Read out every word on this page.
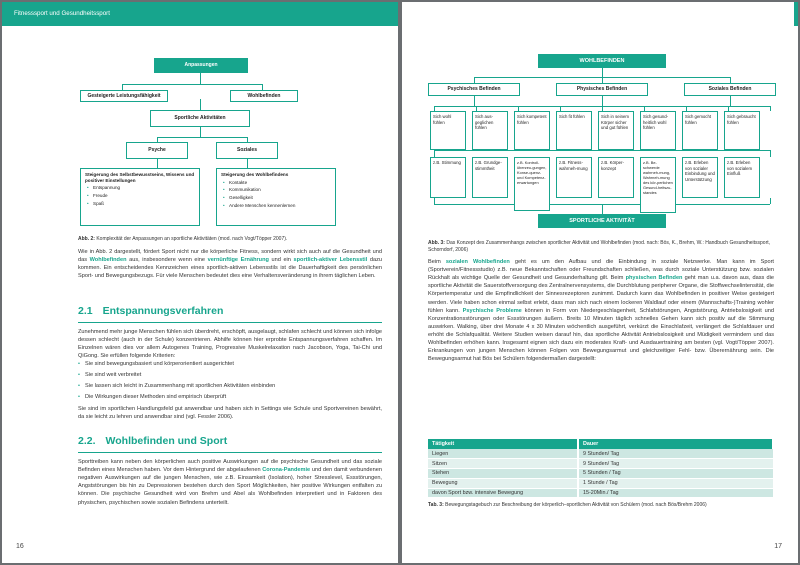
Fitnesssport und Gesundheitssport
Anpassungen
Gesteigerte Leistungsfähigkeit	Wohlbefinden
Sportliche Aktivitäten
Psyche	Soziales
Steigerung des Selbstbewusstseins, Wissens und positiver Einstellungen
• Entspannung
• Freude
• Spaß
Steigerung des Wohlbefindens
• Kontakte
• Kommunikation
• Geselligkeit
• Andere Menschen kennenlernen
Abb. 2: Komplexität der Anpassungen an sportliche Aktivitäten (mod. nach Vogt/Töpper 2007).
Wie in Abb. 2 dargestellt, fördert Sport nicht nur die körperliche Fitness, sondern wirkt sich auch auf die Gesundheit und das Wohlbefinden aus, insbesondere wenn eine vernünftige Ernährung und ein sportlich-aktiver Lebensstil dazu kommen. Ein entscheidendes Kennzeichen eines sportlich-aktiven Lebensstils ist die Dauerhaftigkeit des persönlichen Sport- und Bewegungsbezugs. Für viele Menschen bedeutet dies eine Verhaltensveränderung in ihrem täglichen Leben.
2.1 Entspannungsverfahren
Zunehmend mehr junge Menschen fühlen sich überdreht, erschöpft, ausgelaugt, schlafen schlecht und können sich infolge dessen schlecht (auch in der Schule) konzentrieren. Abhilfe können hier erprobte Entspannungsverfahren schaffen. Im Einzelnen wären dies vor allem Autogenes Training, Progressive Muskelrelaxation nach Jacobson, Yoga, Tai-Chi und QiGong. Sie erfüllen folgende Kriterien:
• Sie sind bewegungsbasiert und körperorientiert ausgerichtet
• Sie sind weit verbreitet
• Sie lassen sich leicht in Zusammenhang mit sportlichen Aktivitäten einbinden
• Die Wirkungen dieser Methoden sind empirisch überprüft
Sie sind im sportlichen Handlungsfeld gut anwendbar und haben sich in Settings wie Schule und Sportvereinen bewährt, da sie leicht zu lehren und anwendbar sind (vgl. Fessler 2006).
2.2. Wohlbefinden und Sport
Sporttreiben kann neben den körperlichen auch positive Auswirkungen auf die psychische Gesundheit und das soziale Befinden eines Menschen haben. Vor dem Hintergrund der abgelaufenen Corona-Pandemie und den damit verbundenen negativen Auswirkungen auf die jungen Menschen, wie z.B. Einsamkeit (Isolation), hoher Stresslevel, Essstörungen, Angststörungen bis hin zu Depressionen bestehen durch den Sport Möglichkeiten, hier positive Wirkungen entfalten zu können. Die psychische Gesundheit wird von Brehm und Abel als Wohlbefinden interpretiert und in Faktoren des physischen, psychischen sowie sozialen Befindens unterteilt.
16
WOHLBEFINDEN
Psychisches Befinden	Physisches Befinden	Soziales Befinden
Sich wohl fühlen
Sich aus-geglichen fühlen
Sich kompetent fühlen
Sich fit fühlen	Sich in seinem Körper sicher und gut fühlen
Sich gesund-heitlich wohl fühlen
Sich gemocht fühlen
Sich gebraucht fühlen
z.B. Stimmung	z.B. Grundge-stimmtheit
z.B. Kontroll-überzeu-gungen, Konse-quenz- und Kompetenz-erwartungen
z.B. Fitness-wahrneh-mung
z.B. Körper-konzept
z.B. Be-schwerde wahrneh-mung, Wahrneh-mung des kör-perlichen Gesund-heitszu-standes
z.B. Erleben von sozialer Einbindung und Unterstützung
z.B. Erleben von sozialem Einfluß
SPORTLICHE AKTIVITÄT
Abb. 3: Das Konzept des Zusammenhangs zwischen sportlicher Aktivität und Wohlbefinden (mod. nach: Bös, K., Brehm, W.: Handbuch Gesundheitssport, Schorndorf, 2006)
Beim sozialen Wohlbefinden geht es um den Aufbau und die Einbindung in soziale Netzwerke. Man kann im Sport (Sportverein/Fitnessstudio) z.B. neue Bekanntschaften oder Freundschaften schließen, was durch soziale Unterstützung bzw. sozialen Rückhalt als wichtige Quelle der Gesundheit und Gesunderhaltung gilt. Beim physischen Befinden geht man u.a. davon aus, dass die sportliche Aktivität die Sauerstoffversorgung des Zentralnervensystems, die Durchblutung peripherer Organe, die Stoffwechselintensität, die Körpertemperatur und die Empfindlichkeit der Sinnesrezeptoren zunimmt. Dadurch kann das Wohlbefinden in positiver Weise gesteigert werden. Viele haben schon einmal selbst erlebt, dass man sich nach einem lockeren Waldlauf oder einem (Mannschafts-)Training wohler fühlen kann. Psychische Probleme können in Form von Niedergeschlagenheit, Schlafstörungen, Angststörung, Antriebslosigkeit und Konzentrationsstörungen oder Essstörungen äußern. Breits 10 Minuten täglich schnelles Gehen kann sich positiv auf die Stimmung auswirken. Walking, über drei Monate 4 x 30 Minuten wöchentlich ausgeführt, verkürzt die Einschlafzeit, verlängert die Schlafdauer und erhöht die Schlafqualität. Weitere Studien weisen darauf hin, das sportliche Aktivität Antriebslosigkeit und Müdigkeit vermindern und das Wohlbefinden erhöhen kann. Insgesamt eignen sich dazu ein moderates Kraft- und Ausdauertraining am besten (vgl. Vogt/Töpper 2007). Erkrankungen von jungen Menschen können Folgen von Bewegungsarmut und gleichzeitiger Fehl- bzw. Überernährung sein. Die Bewegungsarmut hat Bös bei Schülern folgendermaßen dargestellt:
Tätigkeit	Dauer
Liegen	9 Stunden/ Tag
Sitzen	9 Stunden/ Tag
Stehen	5 Stunden / Tag
Bewegung	1 Stunde / Tag
davon Sport bzw. intensive Bewegung	15-20Min./ Tag
Tab. 3: Bewegungstagebuch zur Beschreibung der körperlich–sportlichen Aktivität von Schülern (mod. nach Bös/Brehm 2006)
17
